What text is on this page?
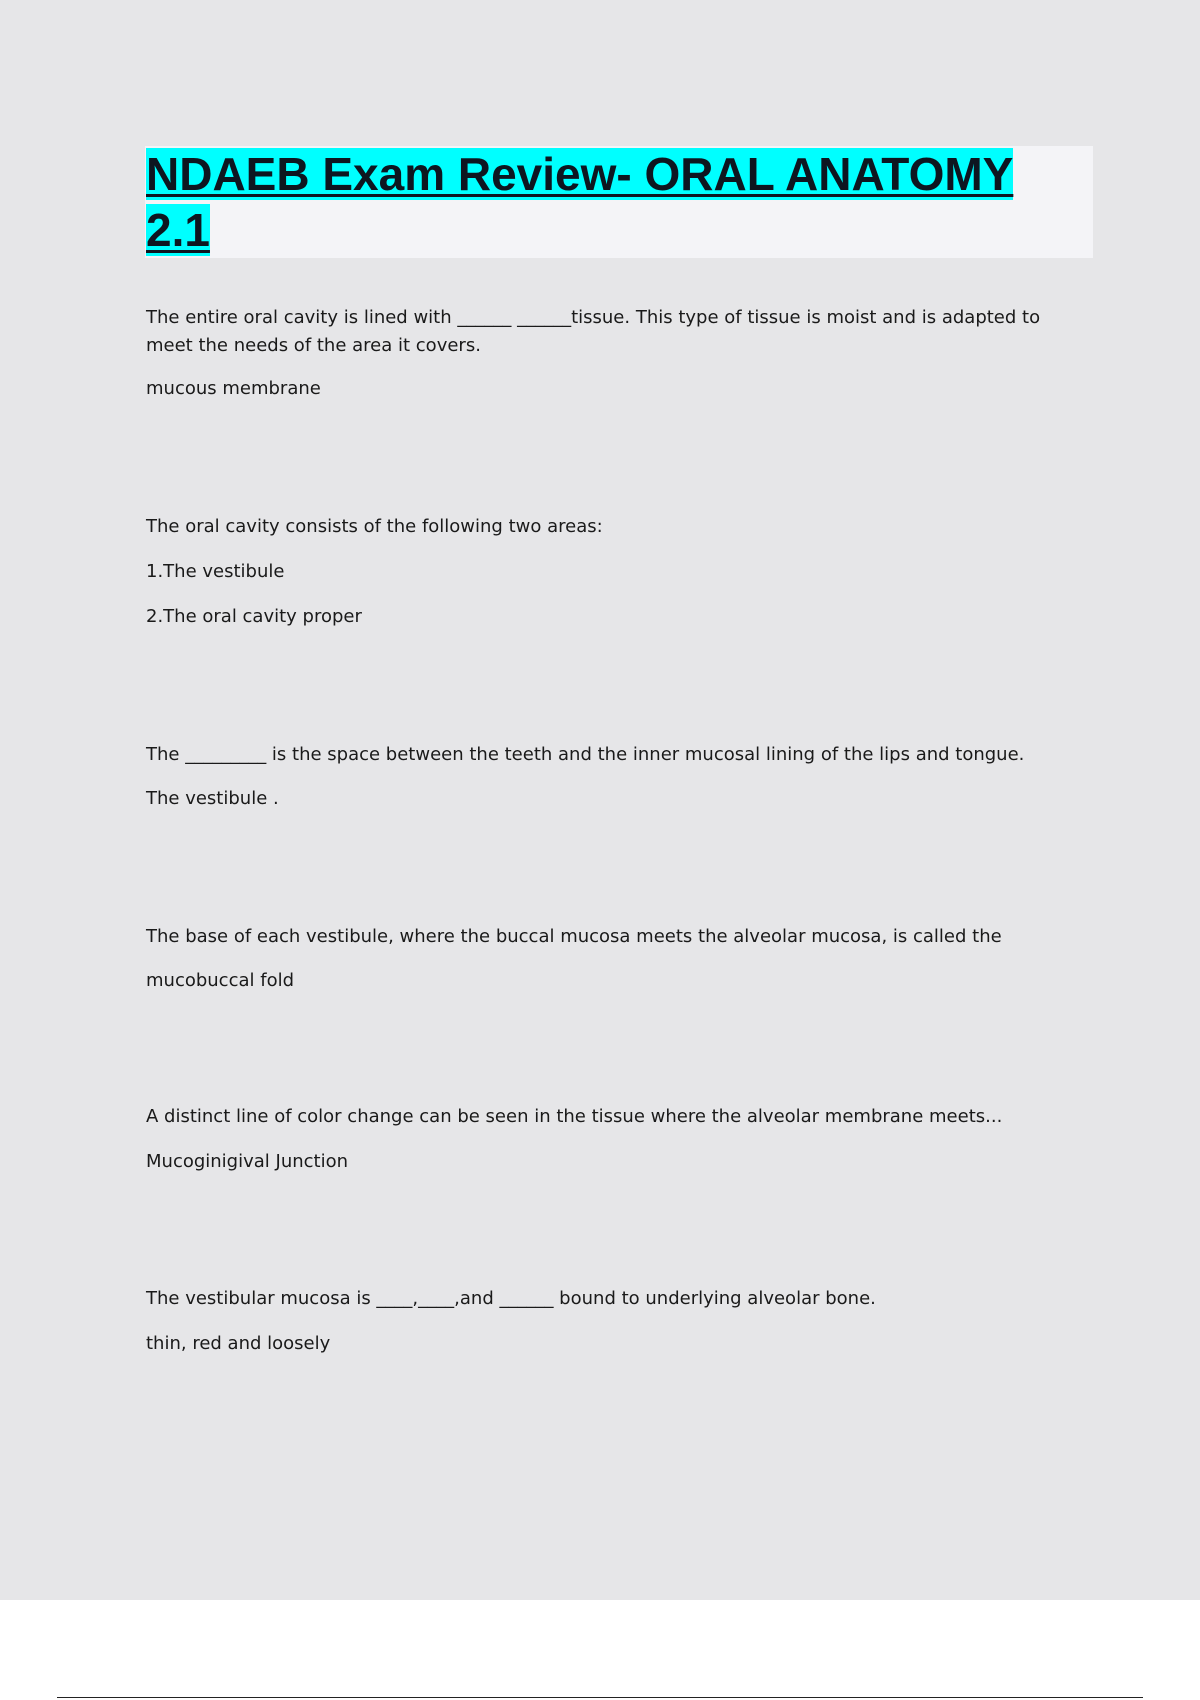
NDAEB Exam Review- ORAL ANATOMY 2.1

The entire oral cavity is lined with ______ ______tissue. This type of tissue is moist and is adapted to meet the needs of the area it covers.

mucous membrane

The oral cavity consists of the following two areas:

1.The vestibule

2.The oral cavity proper

The _________ is the space between the teeth and the inner mucosal lining of the lips and tongue.

The vestibule .

The base of each vestibule, where the buccal mucosa meets the alveolar mucosa, is called the

mucobuccal fold

A distinct line of color change can be seen in the tissue where the alveolar membrane meets...

Mucoginigival Junction

The vestibular mucosa is ____,____,and ______ bound to underlying alveolar bone.

thin, red and loosely
